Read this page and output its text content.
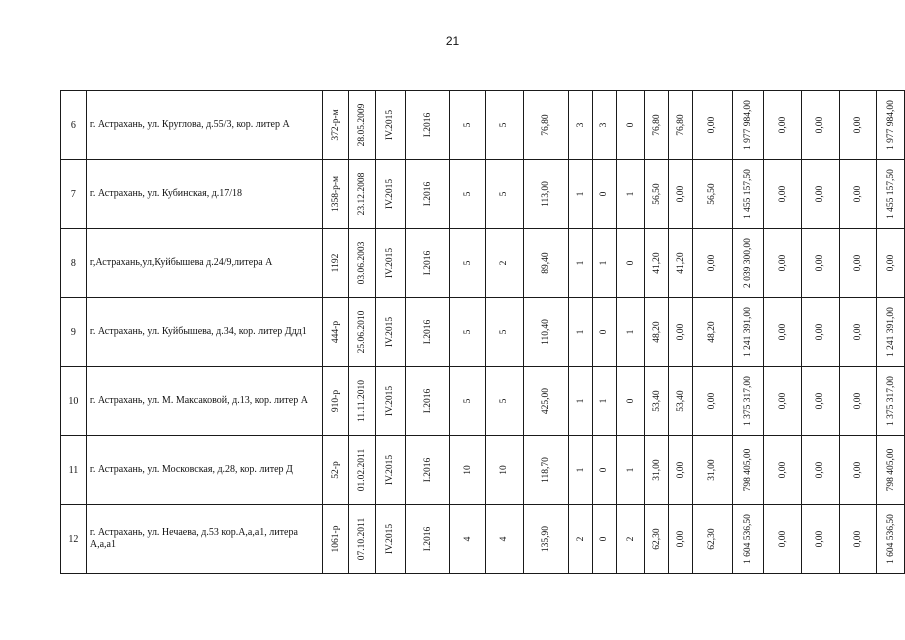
21
6	г. Астрахань, ул. Круглова, д.55/3, кор. литер А	372-р-м	28.05.2009	IV.2015	I.2016	5	5	76,80	3	3	0	76,80	76,80	0,00	1 977 984,00	0,00	0,00	0,00	1 977 984,00

7	г. Астрахань, ул. Кубинская, д.17/18	1358-р-м	23.12.2008	IV.2015	I.2016	5	5	113,00	1	0	1	56,50	0,00	56,50	1 455 157,50	0,00	0,00	0,00	1 455 157,50

8	г,Астрахань,ул,Куйбышева д.24/9,литера А	1192	03.06.2003	IV.2015	I.2016	5	2	89,40	1	1	0	41,20	41,20	0,00	2 039 300,00	0,00	0,00	0,00	0,00

9	г. Астрахань, ул. Куйбышева, д.34, кор. литер Ддд1	444-р	25.06.2010	IV.2015	I.2016	5	5	110,40	1	0	1	48,20	0,00	48,20	1 241 391,00	0,00	0,00	0,00	1 241 391,00

10	г. Астрахань, ул. М. Максаковой, д.13, кор. литер А	910-р	11.11.2010	IV.2015	I.2016	5	5	425,00	1	1	0	53,40	53,40	0,00	1 375 317,00	0,00	0,00	0,00	1 375 317,00

11	г. Астрахань, ул. Московская, д.28, кор. литер Д	52-р	01.02.2011	IV.2015	I.2016	10	10	118,70	1	0	1	31,00	0,00	31,00	798 405,00	0,00	0,00	0,00	798 405,00

12	г. Астрахань, ул. Нечаева, д.53 кор.А,а,а1, литера А,а,а1	1061-р	07.10.2011	IV.2015	I.2016	4	4	135,90	2	0	2	62,30	0,00	62,30	1 604 536,50	0,00	0,00	0,00	1 604 536,50
